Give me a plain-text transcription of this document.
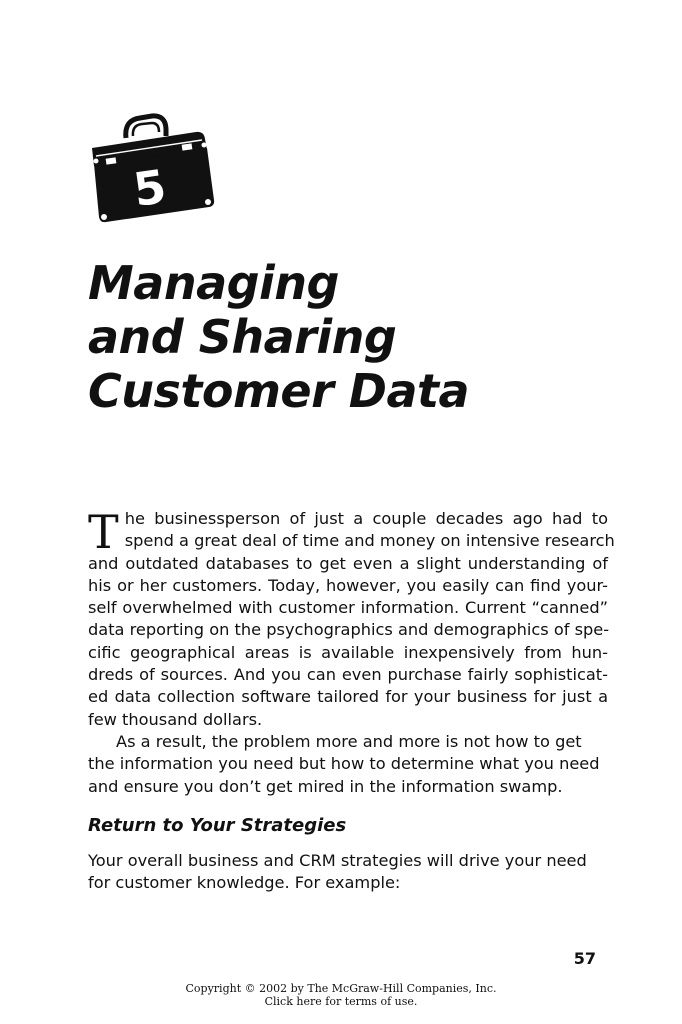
5
Managing
and Sharing
Customer Data

T he businessperson of just a couple decades ago had to
spend a great deal of time and money on intensive research
and outdated databases to get even a slight understanding of
his or her customers. Today, however, you easily can find your-
self overwhelmed with customer information. Current “canned”
data reporting on the psychographics and demographics of spe-
cific geographical areas is available inexpensively from hun-
dreds of sources. And you can even purchase fairly sophisticat-
ed data collection software tailored for your business for just a
few thousand dollars.

As a result, the problem more and more is not how to get the information you need but how to determine what you need and ensure you don’t get mired in the information swamp.

Return to Your Strategies

Your overall business and CRM strategies will drive your need for customer knowledge. For example:

57
Copyright © 2002 by The McGraw-Hill Companies, Inc.
Click here for terms of use.
